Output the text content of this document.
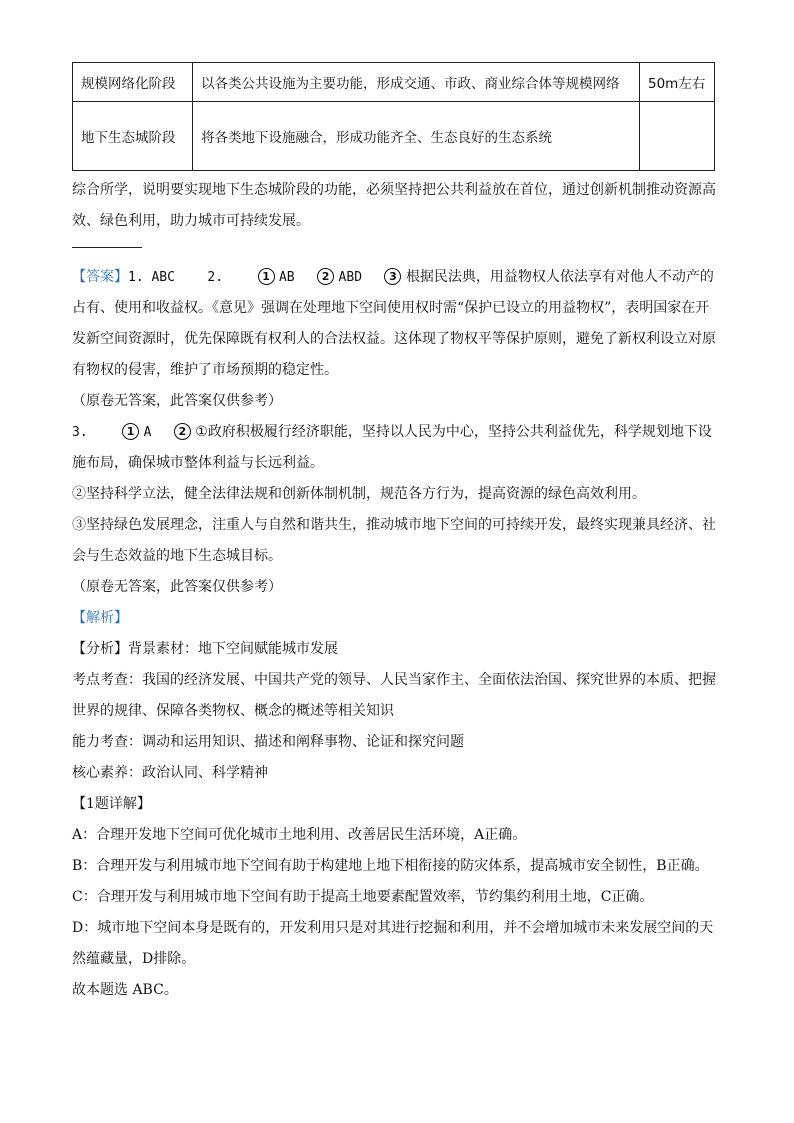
规模网络化阶段	以各类公共设施为主要功能，形成交通、市政、商业综合体等规模网络	50m左右
地下生态城阶段	将各类地下设施融合，形成功能齐全、生态良好的生态系统	
综合所学，说明要实现地下生态城阶段的功能，必须坚持把公共利益放在首位，通过创新机制推动资源高
效、绿色利用，助力城市可持续发展。
【答案】1. ABC 2.	1 AB 2 ABD 3 根据民法典，用益物权人依法享有对他人不动产的
占有、使用和收益权。《意见》强调在处理地下空间使用权时需“保护已设立的用益物权”，表明国家在开
发新空间资源时，优先保障既有权利人的合法权益。这体现了物权平等保护原则，避免了新权利设立对原
有物权的侵害，维护了市场预期的稳定性。
（原卷无答案，此答案仅供参考）
3.	1 A 2 ①政府积极履行经济职能，坚持以人民为中心，坚持公共利益优先，科学规划地下设
施布局，确保城市整体利益与长远利益。
②坚持科学立法，健全法律法规和创新体制机制，规范各方行为，提高资源的绿色高效利用。
③坚持绿色发展理念，注重人与自然和谐共生，推动城市地下空间的可持续开发，最终实现兼具经济、社
会与生态效益的地下生态城目标。
（原卷无答案，此答案仅供参考）
【解析】
【分析】背景素材：地下空间赋能城市发展
考点考查：我国的经济发展、中国共产党的领导、人民当家作主、全面依法治国、探究世界的本质、把握
世界的规律、保障各类物权、概念的概述等相关知识
能力考查：调动和运用知识、描述和阐释事物、论证和探究问题
核心素养：政治认同、科学精神
【1题详解】
A：合理开发地下空间可优化城市土地利用、改善居民生活环境，A正确。
B：合理开发与利用城市地下空间有助于构建地上地下相衔接的防灾体系，提高城市安全韧性，B正确。
C：合理开发与利用城市地下空间有助于提高土地要素配置效率，节约集约利用土地，C正确。
D：城市地下空间本身是既有的，开发利用只是对其进行挖掘和利用，并不会增加城市未来发展空间的天
然蕴藏量，D排除。
故本题选 ABC。
